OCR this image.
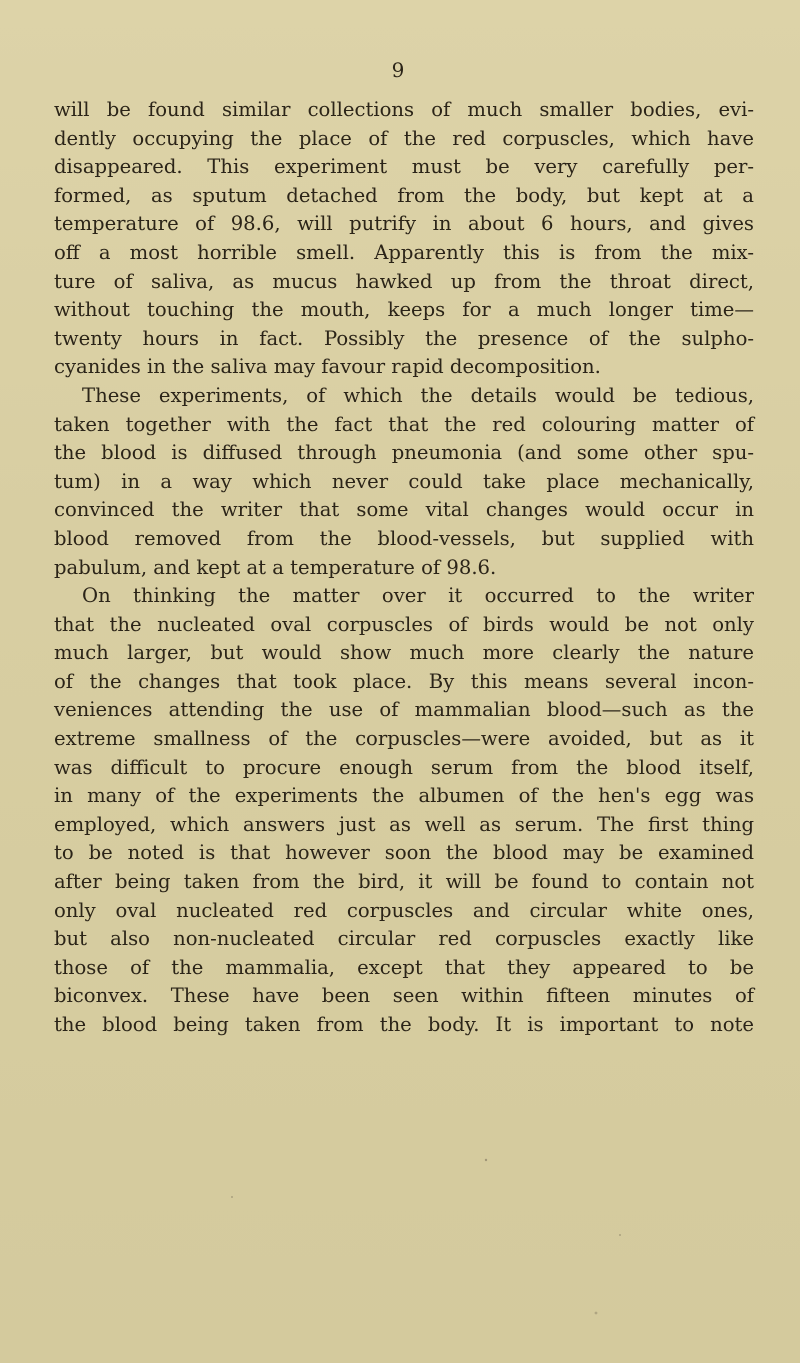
9
will be found similar collections of much smaller bodies, evi-
dently occupying the place of the red corpuscles, which have
disappeared. This experiment must be very carefully per-
formed, as sputum detached from the body, but kept at a
temperature of 98.6, will putrify in about 6 hours, and gives
off a most horrible smell. Apparently this is from the mix-
ture of saliva, as mucus hawked up from the throat direct,
without touching the mouth, keeps for a much longer time—
twenty hours in fact. Possibly the presence of the sulpho-
cyanides in the saliva may favour rapid decomposition.
These experiments, of which the details would be tedious,
taken together with the fact that the red colouring matter of
the blood is diffused through pneumonia (and some other spu-
tum) in a way which never could take place mechanically,
convinced the writer that some vital changes would occur in
blood removed from the blood-vessels, but supplied with
pabulum, and kept at a temperature of 98.6.
On thinking the matter over it occurred to the writer
that the nucleated oval corpuscles of birds would be not only
much larger, but would show much more clearly the nature
of the changes that took place. By this means several incon-
veniences attending the use of mammalian blood—such as the
extreme smallness of the corpuscles—were avoided, but as it
was difficult to procure enough serum from the blood itself,
in many of the experiments the albumen of the hen's egg was
employed, which answers just as well as serum. The first thing
to be noted is that however soon the blood may be examined
after being taken from the bird, it will be found to contain not
only oval nucleated red corpuscles and circular white ones,
but also non-nucleated circular red corpuscles exactly like
those of the mammalia, except that they appeared to be
biconvex. These have been seen within fifteen minutes of
the blood being taken from the body. It is important to note
